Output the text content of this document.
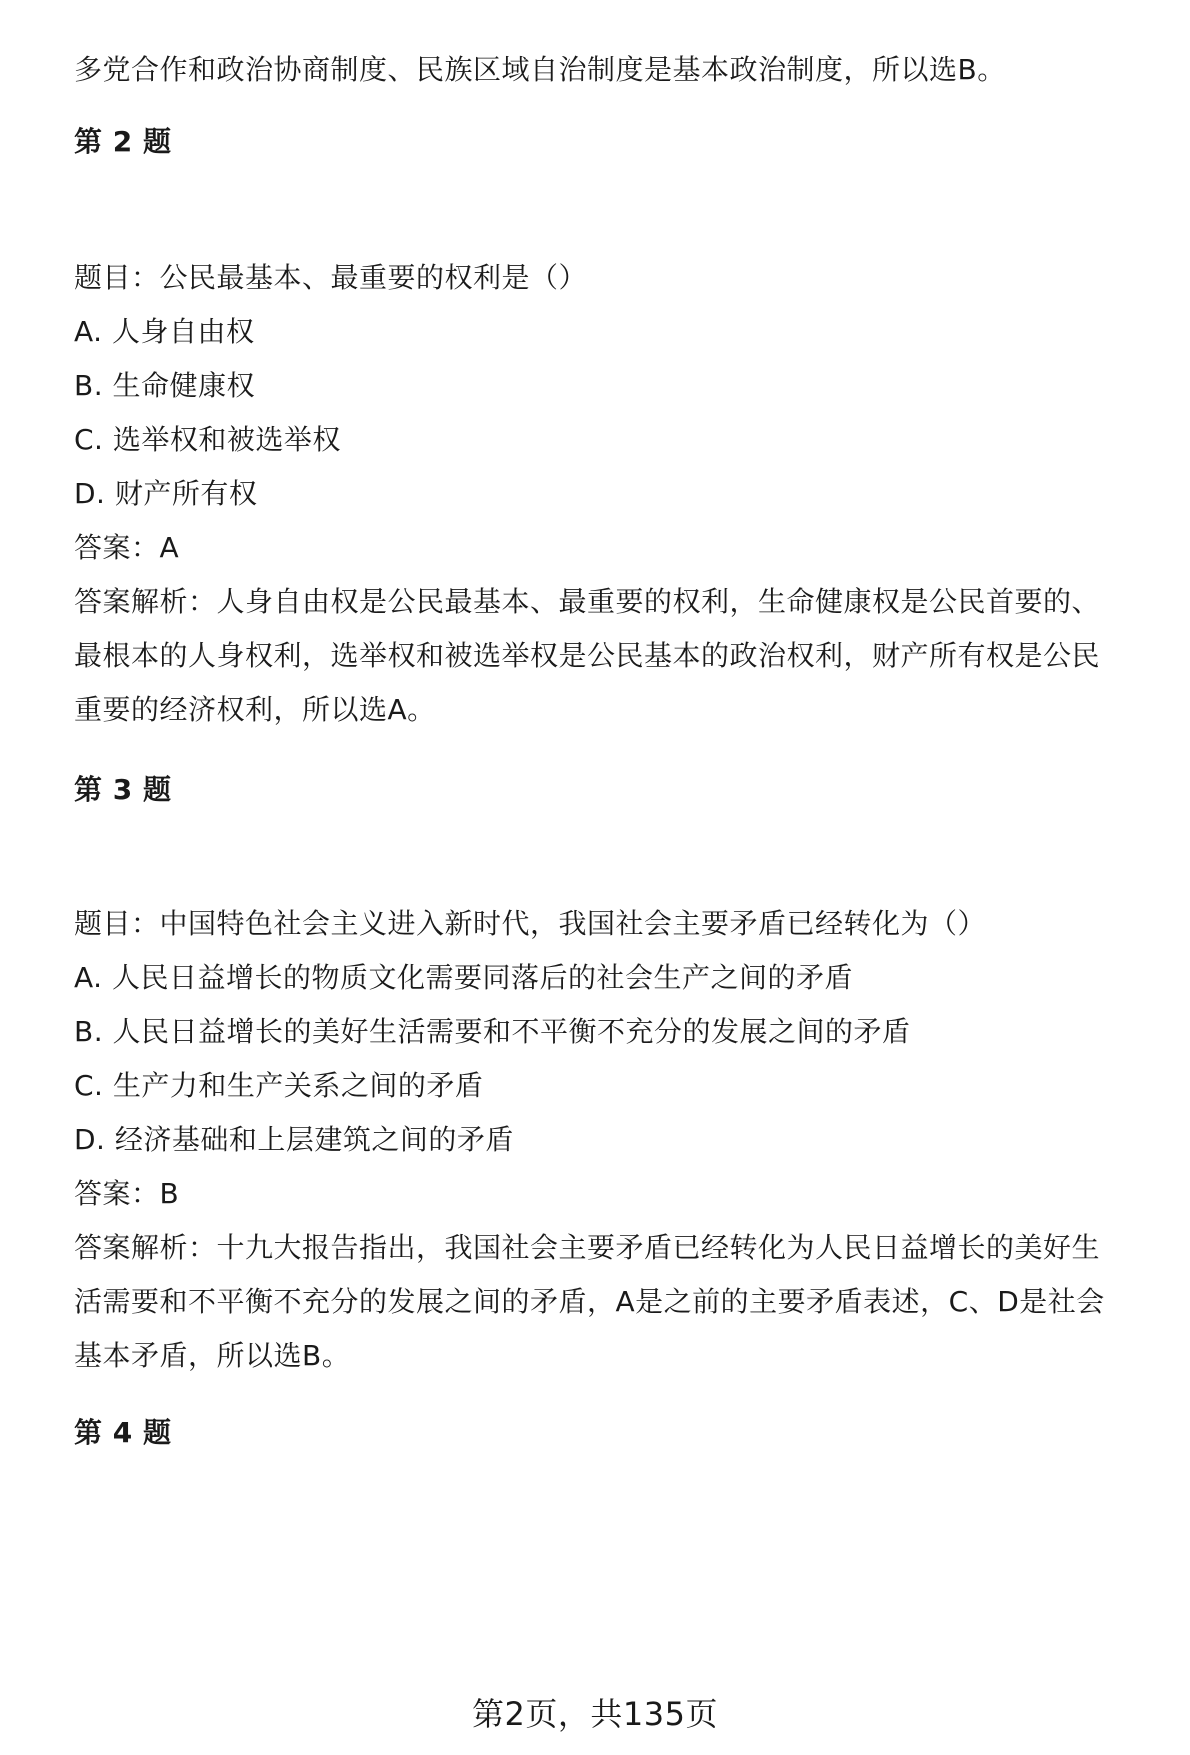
多党合作和政治协商制度、民族区域自治制度是基本政治制度，所以选B。
第 2 题
题目：公民最基本、最重要的权利是（）
A. 人身自由权
B. 生命健康权
C. 选举权和被选举权
D. 财产所有权
答案：A
答案解析：人身自由权是公民最基本、最重要的权利，生命健康权是公民首要的、
最根本的人身权利，选举权和被选举权是公民基本的政治权利，财产所有权是公民
重要的经济权利，所以选A。
第 3 题
题目：中国特色社会主义进入新时代，我国社会主要矛盾已经转化为（）
A. 人民日益增长的物质文化需要同落后的社会生产之间的矛盾
B. 人民日益增长的美好生活需要和不平衡不充分的发展之间的矛盾
C. 生产力和生产关系之间的矛盾
D. 经济基础和上层建筑之间的矛盾
答案：B
答案解析：十九大报告指出，我国社会主要矛盾已经转化为人民日益增长的美好生
活需要和不平衡不充分的发展之间的矛盾，A是之前的主要矛盾表述，C、D是社会
基本矛盾，所以选B。
第 4 题
第2页，共135页
